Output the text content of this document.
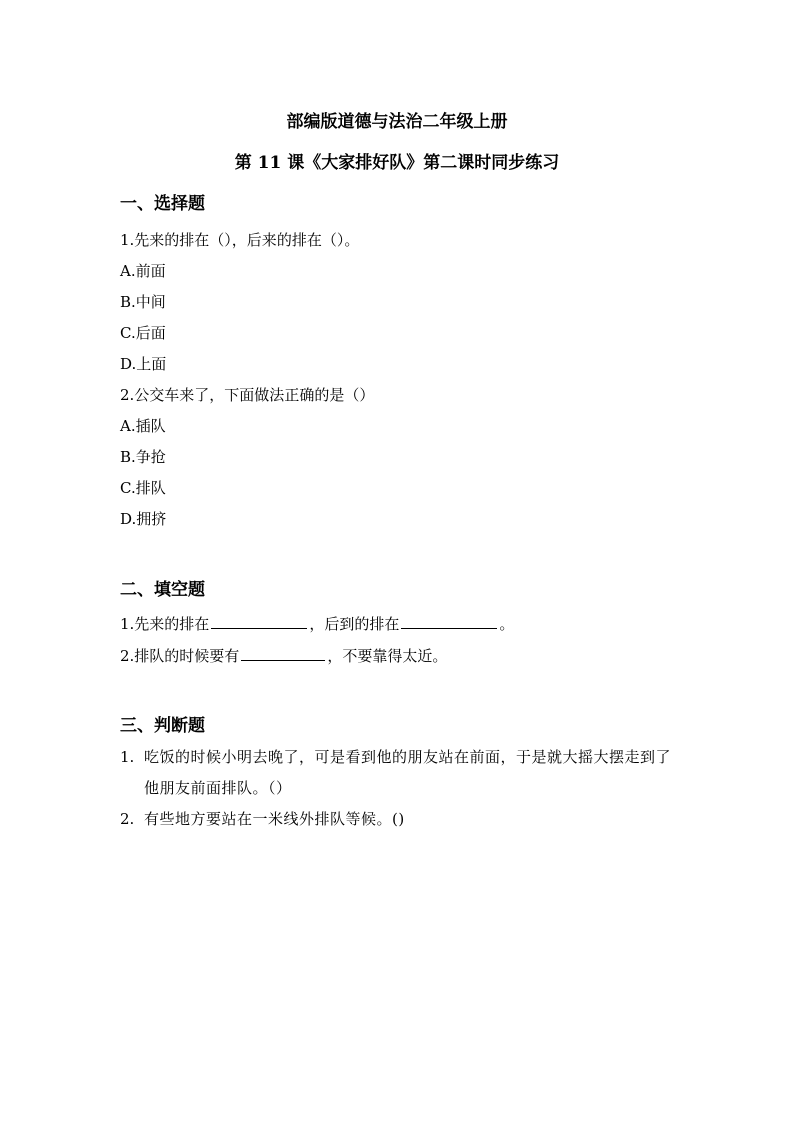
部编版道德与法治二年级上册
第 11 课《大家排好队》第二课时同步练习
一、选择题
1.先来的排在（），后来的排在（）。
A.前面
B.中间
C.后面
D.上面
2.公交车来了，下面做法正确的是（）
A.插队
B.争抢
C.排队
D.拥挤
二、填空题
1.先来的排在	，后到的排在	。
2.排队的时候要有	，不要靠得太近。
三、判断题
1. 吃饭的时候小明去晚了，可是看到他的朋友站在前面，于是就大摇大摆走到了他朋友前面排队。（）
2. 有些地方要站在一米线外排队等候。()
